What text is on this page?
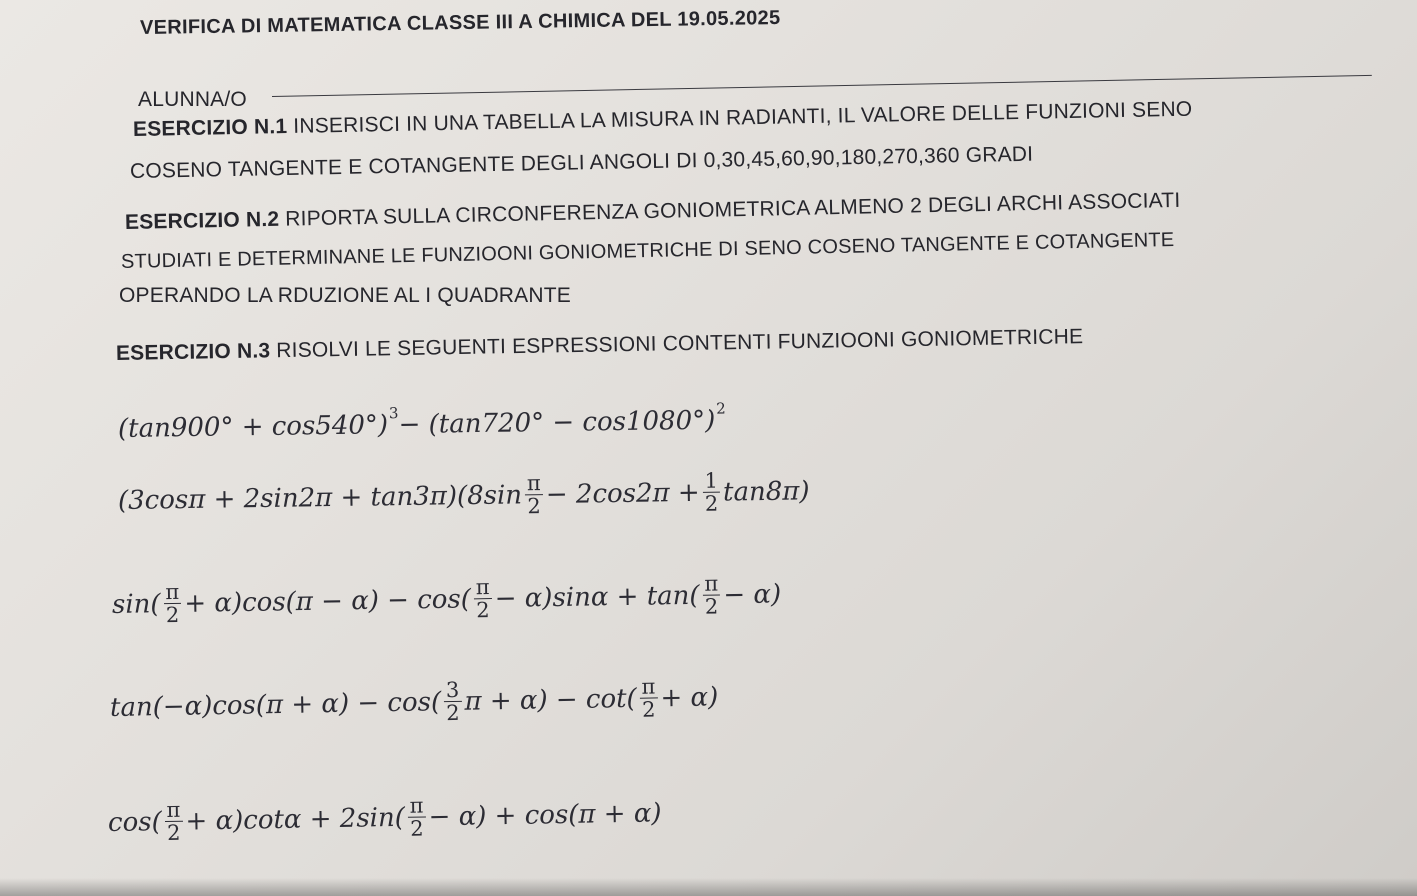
VERIFICA DI MATEMATICA CLASSE III A CHIMICA DEL 19.05.2025
ALUNNA/O
ESERCIZIO N.1 INSERISCI IN UNA TABELLA LA MISURA IN RADIANTI, IL VALORE DELLE FUNZIONI SENO
COSENO TANGENTE E COTANGENTE DEGLI ANGOLI DI 0,30,45,60,90,180,270,360 GRADI
ESERCIZIO N.2 RIPORTA SULLA CIRCONFERENZA GONIOMETRICA ALMENO 2 DEGLI ARCHI ASSOCIATI
STUDIATI E DETERMINANE LE FUNZIOONI GONIOMETRICHE DI SENO COSENO TANGENTE E COTANGENTE
OPERANDO LA RDUZIONE AL I QUADRANTE
ESERCIZIO N.3 RISOLVI LE SEGUENTI ESPRESSIONI CONTENTI FUNZIOONI GONIOMETRICHE
(tan900° + cos540°) 3 − (tan720° − cos1080°) 2
$(3\cos\pi + 2\sin 2\pi + \tan 3\pi)(8\sin \frac{\pi}{2} - 2\cos 2\pi + \frac{1}{2} \tan 8\pi)$
$\sin( \frac{\pi}{2} + \alpha)\cos(\pi - \alpha) - \cos( \frac{\pi}{2} - \alpha)\sin\alpha + \tan( \frac{\pi}{2} - \alpha)$
$\tan(-\alpha)\cos(\pi + \alpha) - \cos( \frac{3}{2}$ $\pi + \alpha) - \cot( \frac{\pi}{2} + \alpha)$
$\cos( \frac{\pi}{2} + \alpha)\cot\alpha + 2\sin( \frac{\pi}{2} - \alpha) + \cos(\pi + \alpha)$
